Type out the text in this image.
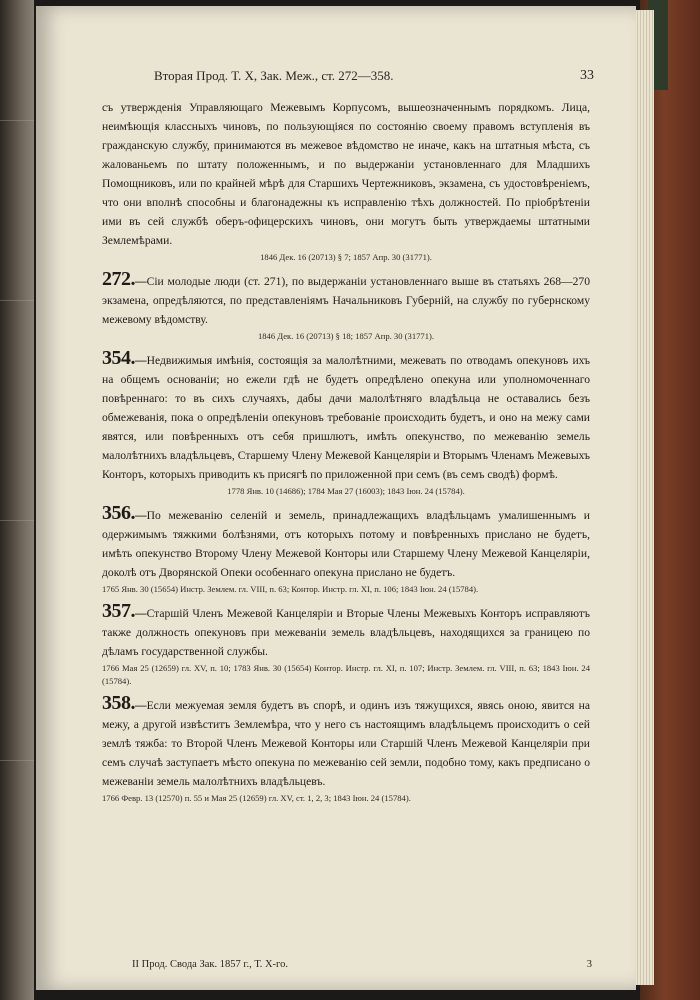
Вторая Прод. Т. X, Зак. Меж., ст. 272—358.	33

съ утвержденія Управляющаго Межевымъ Корпусомъ, вышеозначеннымъ порядкомъ. Лица, неимѣющія классныхъ чиновъ, по пользующіяся по состоянію своему правомъ вступленія въ гражданскую службу, принимаются въ межевое вѣдомство не иначе, какъ на штатныя мѣста, съ жалованьемъ по штату положеннымъ, и по выдержаніи установленнаго для Младшихъ Помощниковъ, или по крайней мѣрѣ для Старшихъ Чертежниковъ, экзамена, съ удостовѣреніемъ, что они вполнѣ способны и благонадежны къ исправленію тѣхъ должностей. По пріобрѣтеніи ими въ сей службѣ оберъ-офицерскихъ чиновъ, они могутъ быть утверждаемы штатными Землемѣрами.

1846 Дек. 16 (20713) § 7; 1857 Апр. 30 (31771).

272.—Сіи молодые люди (ст. 271), по выдержаніи установленнаго выше въ статьяхъ 268—270 экзамена, опредѣляются, по представленіямъ Начальниковъ Губерній, на службу по губернскому межевому вѣдомству.

1846 Дек. 16 (20713) § 18; 1857 Апр. 30 (31771).

354.—Недвижимыя имѣнія, состоящія за малолѣтними, межевать по отводамъ опекуновъ ихъ на общемъ основаніи; но ежели гдѣ не будетъ опредѣлено опекуна или уполномоченнаго повѣреннаго: то въ сихъ случаяхъ, дабы дачи малолѣтняго владѣльца не оставались безъ обмежеванія, пока о опредѣленіи опекуновъ требованіе происходить будетъ, и оно на межу сами явятся, или повѣренныхъ отъ себя пришлютъ, имѣть опекунство, по межеванію земель малолѣтнихъ владѣльцевъ, Старшему Члену Межевой Канцеляріи и Вторымъ Членамъ Межевыхъ Конторъ, которыхъ приводить къ присягѣ по приложенной при семъ (въ семъ сводѣ) формѣ.

1778 Янв. 10 (14686); 1784 Мая 27 (16003); 1843 Іюн. 24 (15784).

356.—По межеванію селеній и земель, принадлежащихъ владѣльцамъ умалишеннымъ и одержимымъ тяжкими болѣзнями, отъ которыхъ потому и повѣренныхъ прислано не будетъ, имѣть опекунство Второму Члену Межевой Конторы или Старшему Члену Межевой Канцеляріи, доколѣ отъ Дворянской Опеки особеннаго опекуна прислано не будетъ.

1765 Янв. 30 (15654) Инстр. Землем. гл. VIII, п. 63; Контор. Инстр. гл. XI, п. 106; 1843 Іюн. 24 (15784).

357.—Старшій Членъ Межевой Канцеляріи и Вторые Члены Межевыхъ Конторъ исправляютъ также должность опекуновъ при межеваніи земель владѣльцевъ, находящихся за границею по дѣламъ государственной службы.

1766 Мая 25 (12659) гл. XV, п. 10; 1783 Янв. 30 (15654) Контор. Инстр. гл. XI, п. 107; Инстр. Землем. гл. VIII, п. 63; 1843 Іюн. 24 (15784).

358.—Если межуемая земля будетъ въ спорѣ, и одинъ изъ тяжущихся, явясь оною, явится на межу, а другой извѣститъ Землемѣра, что у него съ настоящимъ владѣльцемъ происходитъ о сей землѣ тяжба: то Второй Членъ Межевой Конторы или Старшій Членъ Межевой Канцеляріи при семъ случаѣ заступаетъ мѣсто опекуна по межеванію сей земли, подобно тому, какъ предписано о межеваніи земель малолѣтнихъ владѣльцевъ.

1766 Февр. 13 (12570) п. 55 и Мая 25 (12659) гл. XV, ст. 1, 2, 3; 1843 Іюн. 24 (15784).
II Прод. Свода Зак. 1857 г., Т. Х-го.	3
